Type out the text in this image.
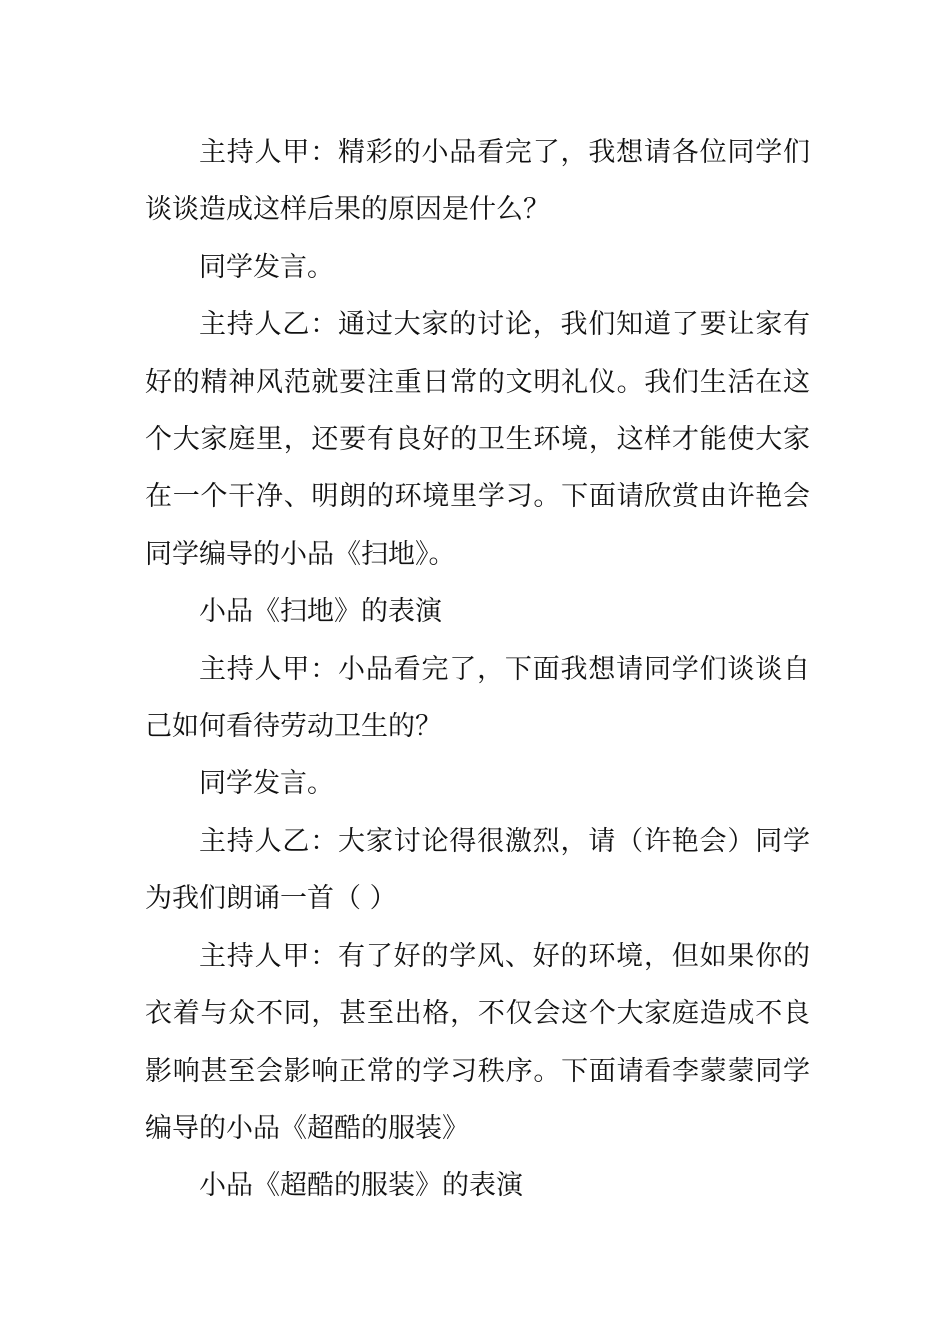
主持人甲：精彩的小品看完了，我想请各位同学们谈谈造成这样后果的原因是什么？

同学发言。

主持人乙：通过大家的讨论，我们知道了要让家有好的精神风范就要注重日常的文明礼仪。我们生活在这个大家庭里，还要有良好的卫生环境，这样才能使大家在一个干净、明朗的环境里学习。下面请欣赏由许艳会同学编导的小品《扫地》。

小品《扫地》的表演

主持人甲：小品看完了，下面我想请同学们谈谈自己如何看待劳动卫生的？

同学发言。

主持人乙：大家讨论得很激烈，请（许艳会）同学为我们朗诵一首（ ）

主持人甲：有了好的学风、好的环境，但如果你的衣着与众不同，甚至出格，不仅会这个大家庭造成不良影响甚至会影响正常的学习秩序。下面请看李蒙蒙同学编导的小品《超酷的服装》

小品《超酷的服装》的表演
